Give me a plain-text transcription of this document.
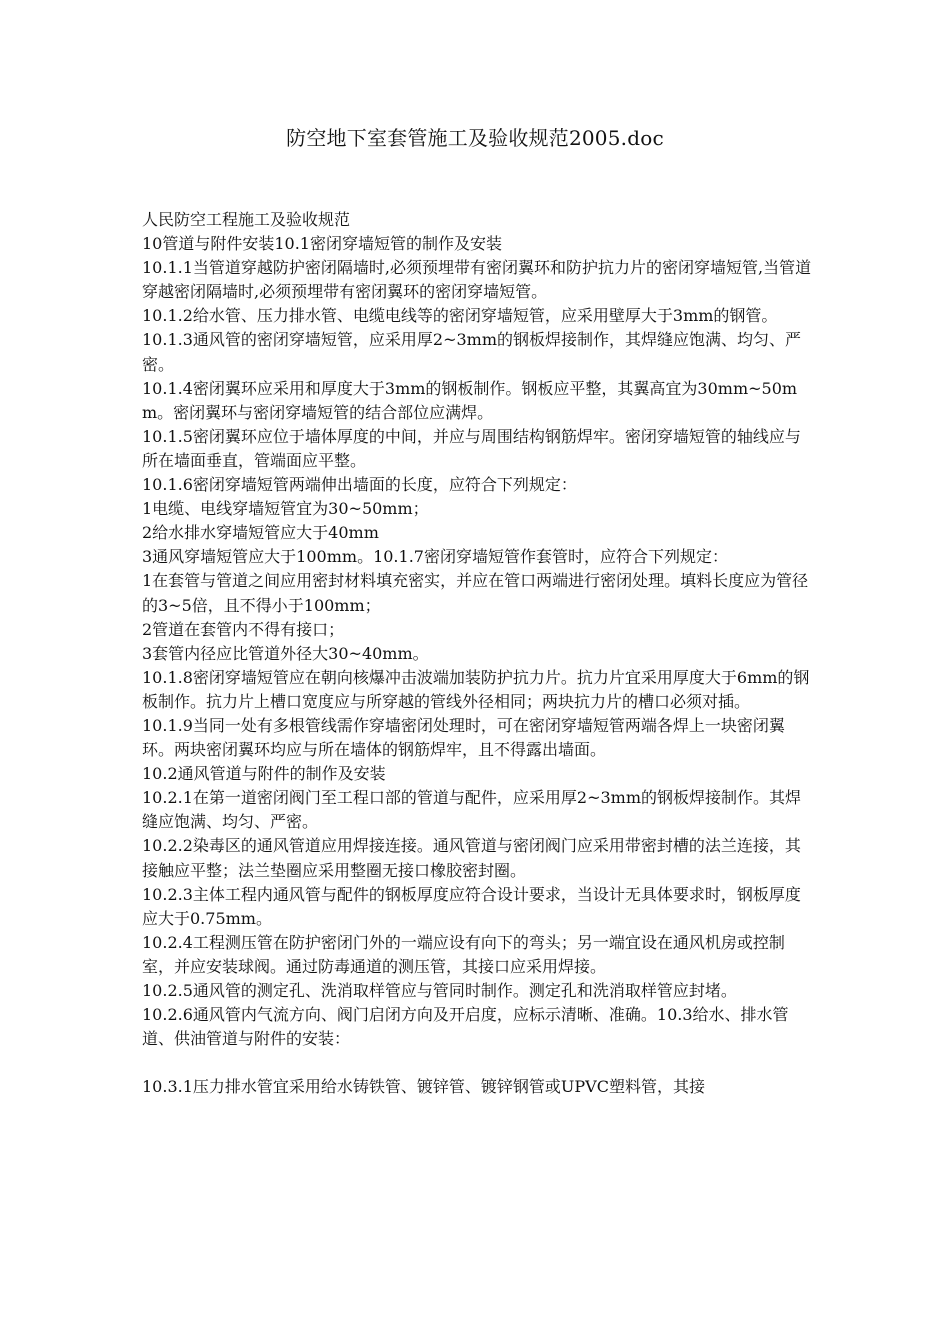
防空地下室套管施工及验收规范2005.doc

人民防空工程施工及验收规范

10管道与附件安装10.1密闭穿墙短管的制作及安装

10.1.1当管道穿越防护密闭隔墙时,必须预埋带有密闭翼环和防护抗力片的密闭穿墙短管,当管道穿越密闭隔墙时,必须预埋带有密闭翼环的密闭穿墙短管。

10.1.2给水管、压力排水管、电缆电线等的密闭穿墙短管，应采用壁厚大于3mm的钢管。

10.1.3通风管的密闭穿墙短管，应采用厚2~3mm的钢板焊接制作，其焊缝应饱满、均匀、严密。

10.1.4密闭翼环应采用和厚度大于3mm的钢板制作。钢板应平整，其翼高宜为30mm~50mm。密闭翼环与密闭穿墙短管的结合部位应满焊。

10.1.5密闭翼环应位于墙体厚度的中间，并应与周围结构钢筋焊牢。密闭穿墙短管的轴线应与所在墙面垂直，管端面应平整。

10.1.6密闭穿墙短管两端伸出墙面的长度，应符合下列规定：

1电缆、电线穿墙短管宜为30~50mm；

2给水排水穿墙短管应大于40mm

3通风穿墙短管应大于100mm。10.1.7密闭穿墙短管作套管时，应符合下列规定：

1在套管与管道之间应用密封材料填充密实，并应在管口两端进行密闭处理。填料长度应为管径的3~5倍，且不得小于100mm；

2管道在套管内不得有接口；

3套管内径应比管道外径大30~40mm。

10.1.8密闭穿墙短管应在朝向核爆冲击波端加装防护抗力片。抗力片宜采用厚度大于6mm的钢板制作。抗力片上槽口宽度应与所穿越的管线外径相同；两块抗力片的槽口必须对插。

10.1.9当同一处有多根管线需作穿墙密闭处理时，可在密闭穿墙短管两端各焊上一块密闭翼环。两块密闭翼环均应与所在墙体的钢筋焊牢，且不得露出墙面。

10.2通风管道与附件的制作及安装

10.2.1在第一道密闭阀门至工程口部的管道与配件，应采用厚2~3mm的钢板焊接制作。其焊缝应饱满、均匀、严密。

10.2.2染毒区的通风管道应用焊接连接。通风管道与密闭阀门应采用带密封槽的法兰连接，其接触应平整；法兰垫圈应采用整圈无接口橡胶密封圈。

10.2.3主体工程内通风管与配件的钢板厚度应符合设计要求，当设计无具体要求时，钢板厚度应大于0.75mm。

10.2.4工程测压管在防护密闭门外的一端应设有向下的弯头；另一端宜设在通风机房或控制室，并应安装球阀。通过防毒通道的测压管，其接口应采用焊接。

10.2.5通风管的测定孔、洗消取样管应与管同时制作。测定孔和洗消取样管应封堵。

10.2.6通风管内气流方向、阀门启闭方向及开启度，应标示清晰、准确。10.3给水、排水管道、供油管道与附件的安装：

10.3.1压力排水管宜采用给水铸铁管、镀锌管、镀锌钢管或UPVC塑料管，其接
